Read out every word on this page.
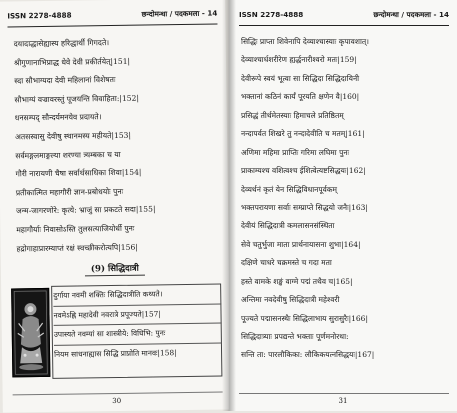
ISSN 2278-4888	छन्दोमन्था / पदकमला - 14
दयादाद्धासेह्यास्य हरिद्धार्थी गिगदते।
श्रीगुणानाभिप्राद्ध धेवे देवी प्रकीर्तयेत्|151|
स्दा सौभाग्यदा देवी महिलानां विशेषतः
सौभाग्यं वज्रावरस्तुं पूजयन्ति विवाहिता:|152|
धनसम्पद् सौन्दर्यमनयेव प्रदायते।
अतसस्वासु देवीषु स्थानमस्य महीयते|153|
सर्वमङ्गलमाङ्गल्या शरण्या त्र्यम्बका च या
गौरी नारायणी चैषा सर्वार्थसाधिका शिवा|154|
प्रतीकात्मित महागौरी ज्ञान-प्रबोधयोः पुनः
जन्म-जागरणोरे: कृत्ये: भ्राजुं सा प्रकटते सदा|155|
महागौर्याः निवासोऽस्ति तुलसत्याजियोर्धी पुनः
हद्रोगाहाप्रारम्याप्तं रक्षं स्वच्छीकरोत्यपि|156|
(9) सिद्धिदात्री
दुर्गाया नवमी शक्तिः सिद्धिदात्रीति कथ्यते।
नवमेऽह्नि महादेवी नवरात्रे प्रपूज्यते|157|
उपास्यते नवम्यां सा शास्त्रीये: विधिभि: पुनः
नियम साधनाह्यास सिद्धि प्राप्नोति मानवः|158|
30
ISSN 2278-4888	छन्दोमन्था / पदकमला - 14
सिद्धिः प्राप्ता शिवेनापि देव्याश्चास्याः कृपावशात्।
देव्याश्चार्धशरीरेण ह्यर्द्धनारीश्वरो मतः|159|
देवीरूपे स्वयं भूत्वा सा सिद्धिदा सिद्धिदायिनी
भक्तानां कठिनं कार्यं पूरयति क्षणेन वै|160|
प्रसिद्धं तीर्थमेतस्याः हिमाचले प्रतिष्ठितम्
नन्दापर्वत शिखरे तु नन्दादेवीति च मतम्|161|
अणिमा महिमा प्राप्तिः गरिमा लघिमा पुनः
प्राकाम्यश्च वशित्वश्च ईशित्वेत्यष्टसिद्धयः|162|
देव्यर्थनं कृतं येन सिद्धिविधानपूर्वकम्
भक्तपरायणा सर्वाः सम्प्राप्ते सिद्धयो जनैः|163|
देवीयं सिद्धिदात्री कमलासनसंस्थिता
सेवे चतुर्भुजा माता प्रार्थनायासना शुभा|164|
दक्षिणे चाधरे चक्रमस्ते च गदा मता
हस्ते वामके शङ्खं वाग्मे पद्मं तथैव च|165|
अन्तिमा नवदेवीषु सिद्धिदात्री महेश्वरी
पूज्यते पद्मासनस्थैः सिद्धिलाभाय सुरासुरैः|166|
सिद्धिदात्र्याः प्रपद्यन्ते भक्ताः पूर्णमनोरथा:
सन्ति ता: पारलौकिका: लौकिकयत्नसिद्धयः|167|
31
